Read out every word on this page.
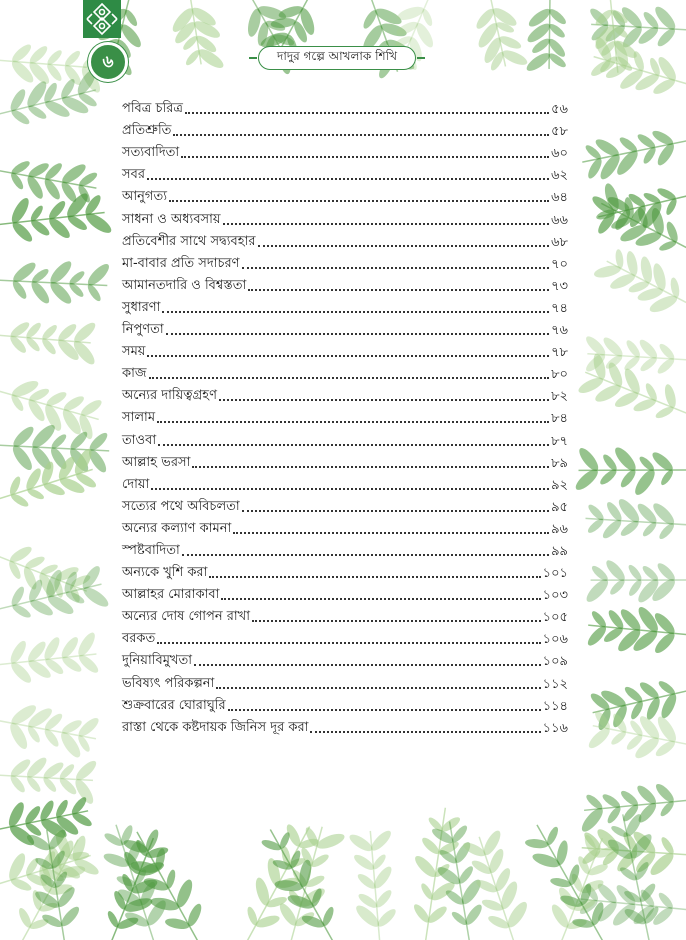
৬	দাদুর গল্পে আখলাক শিখি
পবিত্র চরিত্র	৫৬
প্রতিশ্রুতি	৫৮
সত্যবাদিতা	৬০
সবর	৬২
আনুগত্য	৬৪
সাধনা ও অধ্যবসায়	৬৬
প্রতিবেশীর সাথে সদ্ব্যবহার	৬৮
মা-বাবার প্রতি সদাচরণ	৭০
আমানতদারি ও বিশ্বস্ততা	৭৩
সুধারণা	৭৪
নিপুণতা	৭৬
সময়	৭৮
কাজ	৮০
অন্যের দায়িত্বগ্রহণ	৮২
সালাম	৮৪
তাওবা	৮৭
আল্লাহ ভরসা	৮৯
দোয়া	৯২
সত্যের পথে অবিচলতা	৯৫
অন্যের কল্যাণ কামনা	৯৬
স্পষ্টবাদিতা	৯৯
অন্যকে খুশি করা	১০১
আল্লাহর মোরাকাবা	১০৩
অন্যের দোষ গোপন রাখা	১০৫
বরকত	১০৬
দুনিয়াবিমুখতা	১০৯
ভবিষ্যৎ পরিকল্পনা	১১২
শুক্রবারের ঘোরাঘুরি	১১৪
রাস্তা থেকে কষ্টদায়ক জিনিস দূর করা	১১৬
